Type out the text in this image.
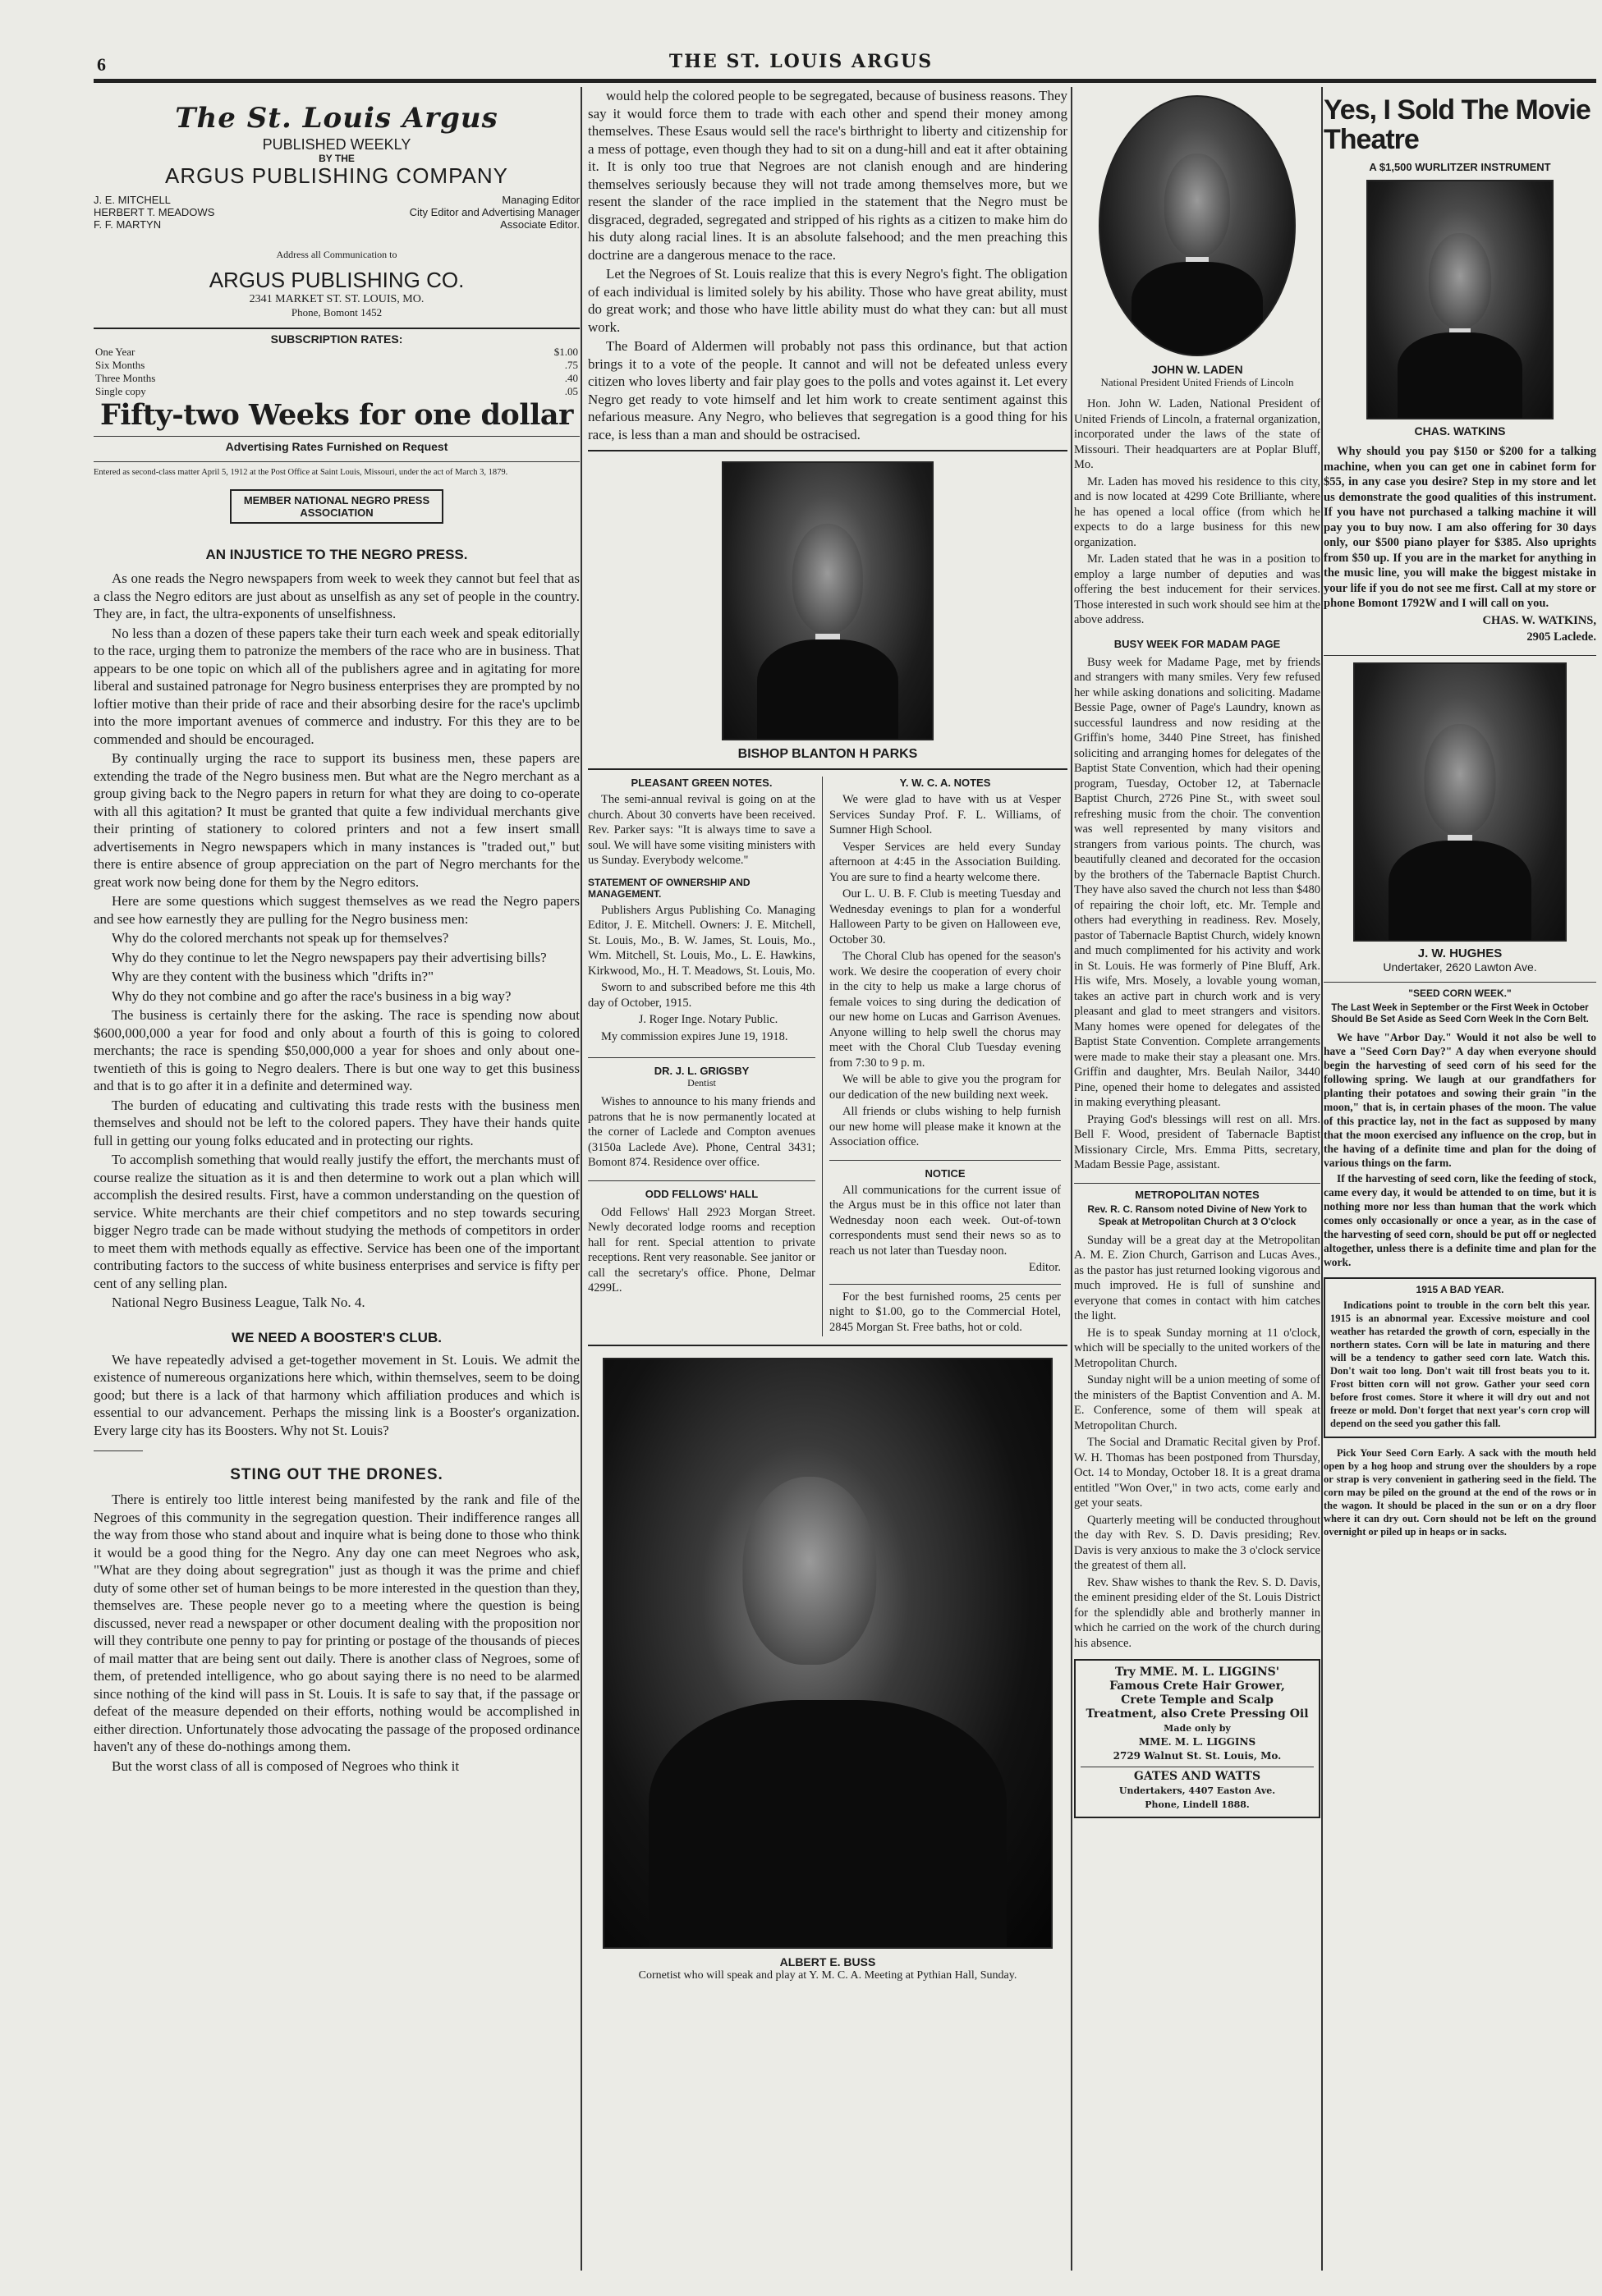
6	THE ST. LOUIS ARGUS
The St. Louis Argus
PUBLISHED WEEKLY
BY THE
ARGUS PUBLISHING COMPANY
J. E. MITCHELL	Managing Editor
HERBERT T. MEADOWS	City Editor and Advertising Manager
F. F. MARTYN	Associate Editor.
Address all Communication to
ARGUS PUBLISHING CO.
2341 MARKET ST. ST. LOUIS, MO.
Phone, Bomont 1452
SUBSCRIPTION RATES:
One Year	$1.00
Six Months	.75
Three Months	.40
Single copy	.05
Fifty-two Weeks for one dollar
Advertising Rates Furnished on Request
Entered as second-class matter April 5, 1912 at the Post Office at Saint Louis, Missouri, under the act of March 3, 1879.
MEMBER NATIONAL NEGRO PRESS ASSOCIATION
AN INJUSTICE TO THE NEGRO PRESS.

As one reads the Negro newspapers from week to week they cannot but feel that as a class the Negro editors are just about as unselfish as any set of people in the country. They are, in fact, the ultra-exponents of unselfishness.

No less than a dozen of these papers take their turn each week and speak editorially to the race, urging them to patronize the members of the race who are in business. That appears to be one topic on which all of the publishers agree and in agitating for more liberal and sustained patronage for Negro business enterprises they are prompted by no loftier motive than their pride of race and their absorbing desire for the race's upclimb into the more important avenues of commerce and industry. For this they are to be commended and should be encouraged.

By continually urging the race to support its business men, these papers are extending the trade of the Negro business men. But what are the Negro merchant as a group giving back to the Negro papers in return for what they are doing to co-operate with all this agitation? It must be granted that quite a few individual merchants give their printing of stationery to colored printers and not a few insert small advertisements in Negro newspapers which in many instances is "traded out," but there is entire absence of group appreciation on the part of Negro merchants for the great work now being done for them by the Negro editors.

Here are some questions which suggest themselves as we read the Negro papers and see how earnestly they are pulling for the Negro business men:

Why do the colored merchants not speak up for themselves?

Why do they continue to let the Negro newspapers pay their advertising bills?

Why are they content with the business which "drifts in?"

Why do they not combine and go after the race's business in a big way?

The business is certainly there for the asking. The race is spending now about $600,000,000 a year for food and only about a fourth of this is going to colored merchants; the race is spending $50,000,000 a year for shoes and only about one-twentieth of this is going to Negro dealers. There is but one way to get this business and that is to go after it in a definite and determined way.

The burden of educating and cultivating this trade rests with the business men themselves and should not be left to the colored papers. They have their hands quite full in getting our young folks educated and in protecting our rights.

To accomplish something that would really justify the effort, the merchants must of course realize the situation as it is and then determine to work out a plan which will accomplish the desired results. First, have a common understanding on the question of service. White merchants are their chief competitors and no step towards securing bigger Negro trade can be made without studying the methods of competitors in order to meet them with methods equally as effective. Service has been one of the important contributing factors to the success of white business enterprises and service is fifty per cent of any selling plan.

National Negro Business League, Talk No. 4.

WE NEED A BOOSTER'S CLUB.

We have repeatedly advised a get-together movement in St. Louis. We admit the existence of numereous organizations here which, within themselves, seem to be doing good; but there is a lack of that harmony which affiliation produces and which is essential to our advancement. Perhaps the missing link is a Booster's organization. Every large city has its Boosters. Why not St. Louis?

STING OUT THE DRONES.

There is entirely too little interest being manifested by the rank and file of the Negroes of this community in the segregation question. Their indifference ranges all the way from those who stand about and inquire what is being done to those who think it would be a good thing for the Negro. Any day one can meet Negroes who ask, "What are they doing about segregration" just as though it was the prime and chief duty of some other set of human beings to be more interested in the question than they, themselves are. These people never go to a meeting where the question is being discussed, never read a newspaper or other document dealing with the proposition nor will they contribute one penny to pay for printing or postage of the thousands of pieces of mail matter that are being sent out daily. There is another class of Negroes, some of them, of pretended intelligence, who go about saying there is no need to be alarmed since nothing of the kind will pass in St. Louis. It is safe to say that, if the passage or defeat of the measure depended on their efforts, nothing would be accomplished in either direction. Unfortunately those advocating the passage of the proposed ordinance haven't any of these do-nothings among them.

But the worst class of all is composed of Negroes who think it

would help the colored people to be segregated, because of business reasons. They say it would force them to trade with each other and spend their money among themselves. These Esaus would sell the race's birthright to liberty and citizenship for a mess of pottage, even though they had to sit on a dung-hill and eat it after obtaining it. It is only too true that Negroes are not clanish enough and are hindering themselves seriously because they will not trade among themselves more, but we resent the slander of the race implied in the statement that the Negro must be disgraced, degraded, segregated and stripped of his rights as a citizen to make him do his duty along racial lines. It is an absolute falsehood; and the men preaching this doctrine are a dangerous menace to the race.

Let the Negroes of St. Louis realize that this is every Negro's fight. The obligation of each individual is limited solely by his ability. Those who have great ability, must do great work; and those who have little ability must do what they can: but all must work.

The Board of Aldermen will probably not pass this ordinance, but that action brings it to a vote of the people. It cannot and will not be defeated unless every citizen who loves liberty and fair play goes to the polls and votes against it. Let every Negro get ready to vote himself and let him work to create sentiment against this nefarious measure. Any Negro, who believes that segregation is a good thing for his race, is less than a man and should be ostracised.

BISHOP BLANTON H PARKS
PLEASANT GREEN NOTES.

The semi-annual revival is going on at the church. About 30 converts have been received. Rev. Parker says: "It is always time to save a soul. We will have some visiting ministers with us Sunday. Everybody welcome."

STATEMENT OF OWNERSHIP AND MANAGEMENT.

Publishers Argus Publishing Co. Managing Editor, J. E. Mitchell. Owners: J. E. Mitchell, St. Louis, Mo., B. W. James, St. Louis, Mo., Wm. Mitchell, St. Louis, Mo., L. E. Hawkins, Kirkwood, Mo., H. T. Meadows, St. Louis, Mo.

Sworn to and subscribed before me this 4th day of October, 1915.

J. Roger Inge. Notary Public.

My commission expires June 19, 1918.

DR. J. L. GRIGSBY
Dentist

Wishes to announce to his many friends and patrons that he is now permanently located at the corner of Laclede and Compton avenues (3150a Laclede Ave). Phone, Central 3431; Bomont 874. Residence over office.

ODD FELLOWS' HALL

Odd Fellows' Hall 2923 Morgan Street. Newly decorated lodge rooms and reception hall for rent. Special attention to private receptions. Rent very reasonable. See janitor or call the secretary's office. Phone, Delmar 4299L.

Y. W. C. A. NOTES

We were glad to have with us at Vesper Services Sunday Prof. F. L. Williams, of Sumner High School.

Vesper Services are held every Sunday afternoon at 4:45 in the Association Building. You are sure to find a hearty welcome there.

Our L. U. B. F. Club is meeting Tuesday and Wednesday evenings to plan for a wonderful Halloween Party to be given on Halloween eve, October 30.

The Choral Club has opened for the season's work. We desire the cooperation of every choir in the city to help us make a large chorus of female voices to sing during the dedication of our new home on Lucas and Garrison Avenues. Anyone willing to help swell the chorus may meet with the Choral Club Tuesday evening from 7:30 to 9 p. m.

We will be able to give you the program for our dedication of the new building next week.

All friends or clubs wishing to help furnish our new home will please make it known at the Association office.

NOTICE

All communications for the current issue of the Argus must be in this office not later than Wednesday noon each week. Out-of-town correspondents must send their news so as to reach us not later than Tuesday noon.

Editor.

For the best furnished rooms, 25 cents per night to $1.00, go to the Commercial Hotel, 2845 Morgan St. Free baths, hot or cold.

ALBERT E. BUSS
Cornetist who will speak and play at Y. M. C. A. Meeting at Pythian Hall, Sunday.
JOHN W. LADEN
National President United Friends of Lincoln

Hon. John W. Laden, National President of United Friends of Lincoln, a fraternal organization, incorporated under the laws of the state of Missouri. Their headquarters are at Poplar Bluff, Mo.

Mr. Laden has moved his residence to this city, and is now located at 4299 Cote Brilliante, where he has opened a local office (from which he expects to do a large business for this new organization.

Mr. Laden stated that he was in a position to employ a large number of deputies and was offering the best inducement for their services. Those interested in such work should see him at the above address.

BUSY WEEK FOR MADAM PAGE

Busy week for Madame Page, met by friends and strangers with many smiles. Very few refused her while asking donations and soliciting. Madame Bessie Page, owner of Page's Laundry, known as successful laundress and now residing at the Griffin's home, 3440 Pine Street, has finished soliciting and arranging homes for delegates of the Baptist State Convention, which had their opening program, Tuesday, October 12, at Tabernacle Baptist Church, 2726 Pine St., with sweet soul refreshing music from the choir. The convention was well represented by many visitors and strangers from various points. The church, was beautifully cleaned and decorated for the occasion by the brothers of the Tabernacle Baptist Church. They have also saved the church not less than $480 of repairing the choir loft, etc. Mr. Temple and others had everything in readiness. Rev. Mosely, pastor of Tabernacle Baptist Church, widely known and much complimented for his activity and work in St. Louis. He was formerly of Pine Bluff, Ark. His wife, Mrs. Mosely, a lovable young woman, takes an active part in church work and is very pleasant and glad to meet strangers and visitors. Many homes were opened for delegates of the Baptist State Convention. Complete arrangements were made to make their stay a pleasant one. Mrs. Griffin and daughter, Mrs. Beulah Nailor, 3440 Pine, opened their home to delegates and assisted in making everything pleasant.

Praying God's blessings will rest on all. Mrs. Bell F. Wood, president of Tabernacle Baptist Missionary Circle, Mrs. Emma Pitts, secretary, Madam Bessie Page, assistant.

METROPOLITAN NOTES
Rev. R. C. Ransom noted Divine of New York to Speak at Metropolitan Church at 3 O'clock

Sunday will be a great day at the Metropolitan A. M. E. Zion Church, Garrison and Lucas Aves., as the pastor has just returned looking vigorous and much improved. He is full of sunshine and everyone that comes in contact with him catches the light.

He is to speak Sunday morning at 11 o'clock, which will be specially to the united workers of the Metropolitan Church.

Sunday night will be a union meeting of some of the ministers of the Baptist Convention and A. M. E. Conference, some of them will speak at Metropolitan Church.

The Social and Dramatic Recital given by Prof. W. H. Thomas has been postponed from Thursday, Oct. 14 to Monday, October 18. It is a great drama entitled "Won Over," in two acts, come early and get your seats.

Quarterly meeting will be conducted throughout the day with Rev. S. D. Davis presiding; Rev. Davis is very anxious to make the 3 o'clock service the greatest of them all.

Rev. Shaw wishes to thank the Rev. S. D. Davis, the eminent presiding elder of the St. Louis District for the splendidly able and brotherly manner in which he carried on the work of the church during his absence.

Try MME. M. L. LIGGINS'
Famous Crete Hair Grower,
Crete Temple and Scalp
Treatment, also Crete Pressing Oil
Made only by
MME. M. L. LIGGINS
2729 Walnut St. St. Louis, Mo.
GATES AND WATTS
Undertakers, 4407 Easton Ave.
Phone, Lindell 1888.
Yes, I Sold The Movie Theatre
A $1,500 WURLITZER INSTRUMENT
CHAS. WATKINS

Why should you pay $150 or $200 for a talking machine, when you can get one in cabinet form for $55, in any case you desire? Step in my store and let us demonstrate the good qualities of this instrument. If you have not purchased a talking machine it will pay you to buy now. I am also offering for 30 days only, our $500 piano player for $385. Also uprights from $50 up. If you are in the market for anything in the music line, you will make the biggest mistake in your life if you do not see me first. Call at my store or phone Bomont 1792W and I will call on you.

CHAS. W. WATKINS,

2905 Laclede.

J. W. HUGHES
Undertaker, 2620 Lawton Ave.
"SEED CORN WEEK."
The Last Week in September or the First Week in October Should Be Set Aside as Seed Corn Week In the Corn Belt.

We have "Arbor Day." Would it not also be well to have a "Seed Corn Day?" A day when everyone should begin the harvesting of seed corn of his seed for the following spring. We laugh at our grandfathers for planting their potatoes and sowing their grain "in the moon," that is, in certain phases of the moon. The value of this practice lay, not in the fact as supposed by many that the moon exercised any influence on the crop, but in the having of a definite time and plan for the doing of various things on the farm.

If the harvesting of seed corn, like the feeding of stock, came every day, it would be attended to on time, but it is nothing more nor less than human that the work which comes only occasionally or once a year, as in the case of the harvesting of seed corn, should be put off or neglected altogether, unless there is a definite time and plan for the work.

1915 A BAD YEAR.

Indications point to trouble in the corn belt this year. 1915 is an abnormal year. Excessive moisture and cool weather has retarded the growth of corn, especially in the northern states. Corn will be late in maturing and there will be a tendency to gather seed corn late. Watch this. Don't wait too long. Don't wait till frost beats you to it. Frost bitten corn will not grow. Gather your seed corn before frost comes. Store it where it will dry out and not freeze or mold. Don't forget that next year's corn crop will depend on the seed you gather this fall.

Pick Your Seed Corn Early. A sack with the mouth held open by a hog hoop and strung over the shoulders by a rope or strap is very convenient in gathering seed in the field. The corn may be piled on the ground at the end of the rows or in the wagon. It should be placed in the sun or on a dry floor where it can dry out. Corn should not be left on the ground overnight or piled up in heaps or in sacks.
